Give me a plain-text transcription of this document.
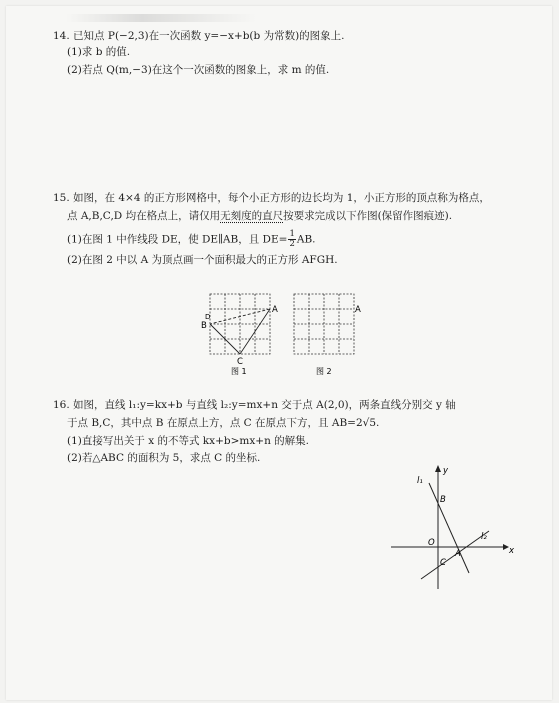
14. 已知点 P(−2,3)在一次函数 y=−x+b(b 为常数)的图象上.
(1)求 b 的值.
(2)若点 Q(m,−3)在这个一次函数的图象上，求 m 的值.
15. 如图，在 4×4 的正方形网格中，每个小正方形的边长均为 1，小正方形的顶点称为格点，
点 A,B,C,D 均在格点上，请仅用无刻度的直尺按要求完成以下作图(保留作图痕迹).
(1)在图 1 中作线段 DE，使 DE∥AB，且 $DE= \frac{1}{2}$ AB.
(2)在图 2 中以 A 为顶点画一个面积最大的正方形 AFGH.
A
B
C
D
图 1
A
图 2
16. 如图，直线 l₁:y=kx+b 与直线 l₂:y=mx+n 交于点 A(2,0)，两条直线分别交 y 轴
于点 B,C，其中点 B 在原点上方，点 C 在原点下方，且 AB=2√5.
(1)直接写出关于 x 的不等式 kx+b>mx+n 的解集.
(2)若△ABC 的面积为 5，求点 C 的坐标.
l₁
l₂
y
x
O
A
B
C
